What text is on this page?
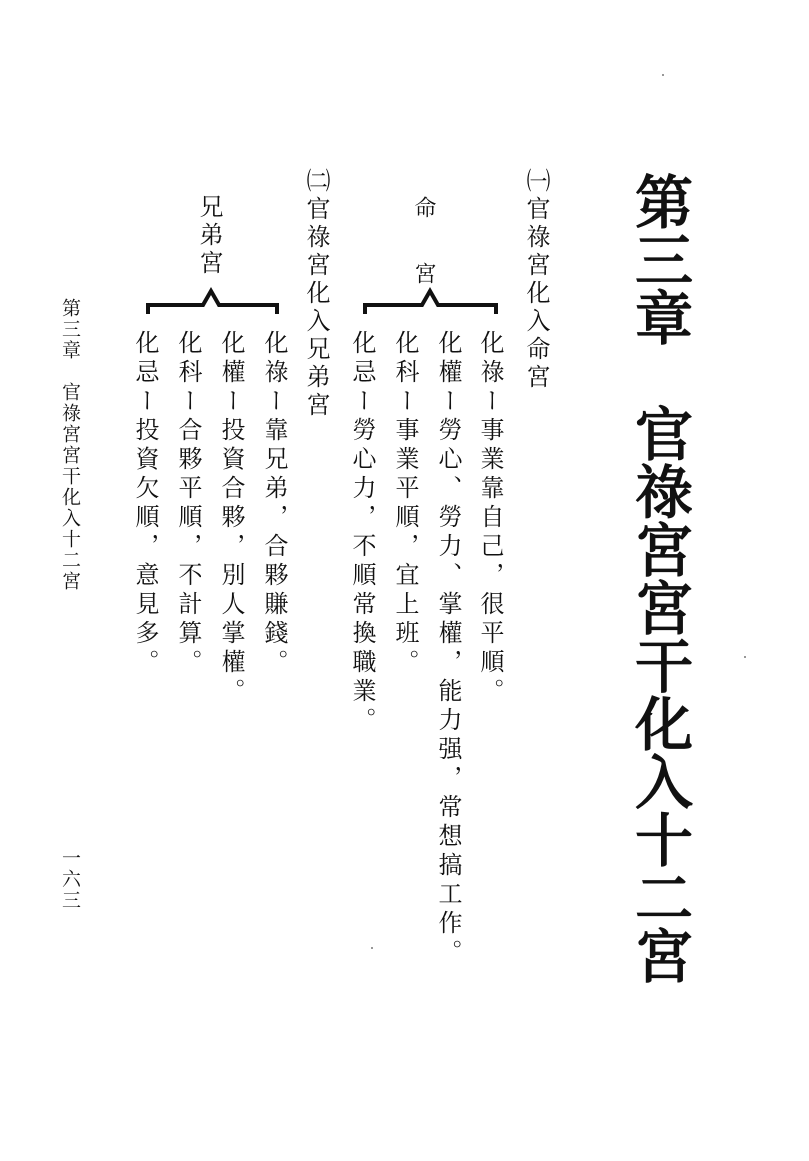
第三章　官祿宮宮干化入十二宮
㈠官祿宮化入命宮
命　　宮
化祿ー事業靠自己，很平順。
化權ー勞心、勞力、掌權，能力强，常想搞工作。
化科ー事業平順，宜上班。
化忌ー勞心力，不順常換職業。
㈡官祿宮化入兄弟宮
兄弟宮
化祿ー靠兄弟，合夥賺錢。
化權ー投資合夥，別人掌權。
化科ー合夥平順，不計算。
化忌ー投資欠順，意見多。
第三章　官祿宮宮干化入十二宮
一六三
